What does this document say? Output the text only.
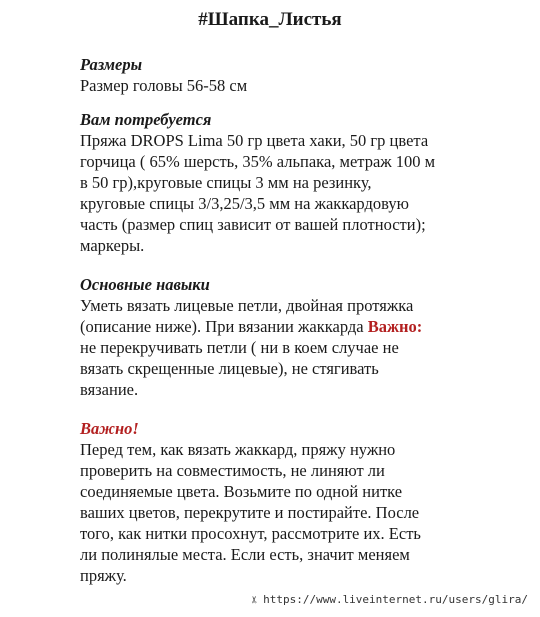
#Шапка_Листья
Размеры
Размер головы 56-58 см
Вам потребуется
Пряжа DROPS Lima 50 гр цвета хаки, 50 гр цвета
горчица ( 65% шерсть, 35% альпака, метраж 100 м
в 50 гр),круговые спицы 3 мм на резинку,
круговые спицы 3/3,25/3,5 мм на жаккардовую
часть (размер спиц зависит от вашей плотности);
маркеры.
Основные навыки
Уметь вязать лицевые петли, двойная протяжка
(описание ниже). При вязании жаккарда Важно:
не перекручивать петли ( ни в коем случае не
вязать скрещенные лицевые), не стягивать
вязание.
Важно!
Перед тем, как вязать жаккард, пряжу нужно
проверить на совместимость, не линяют ли
соединяемые цвета. Возьмите по одной нитке
ваших цветов, перекрутите и постирайте. После
того, как нитки просохнут, рассмотрите их. Есть
ли полинялые места. Если есть, значит меняем
пряжу.
✂ https://www.liveinternet.ru/users/glira/
